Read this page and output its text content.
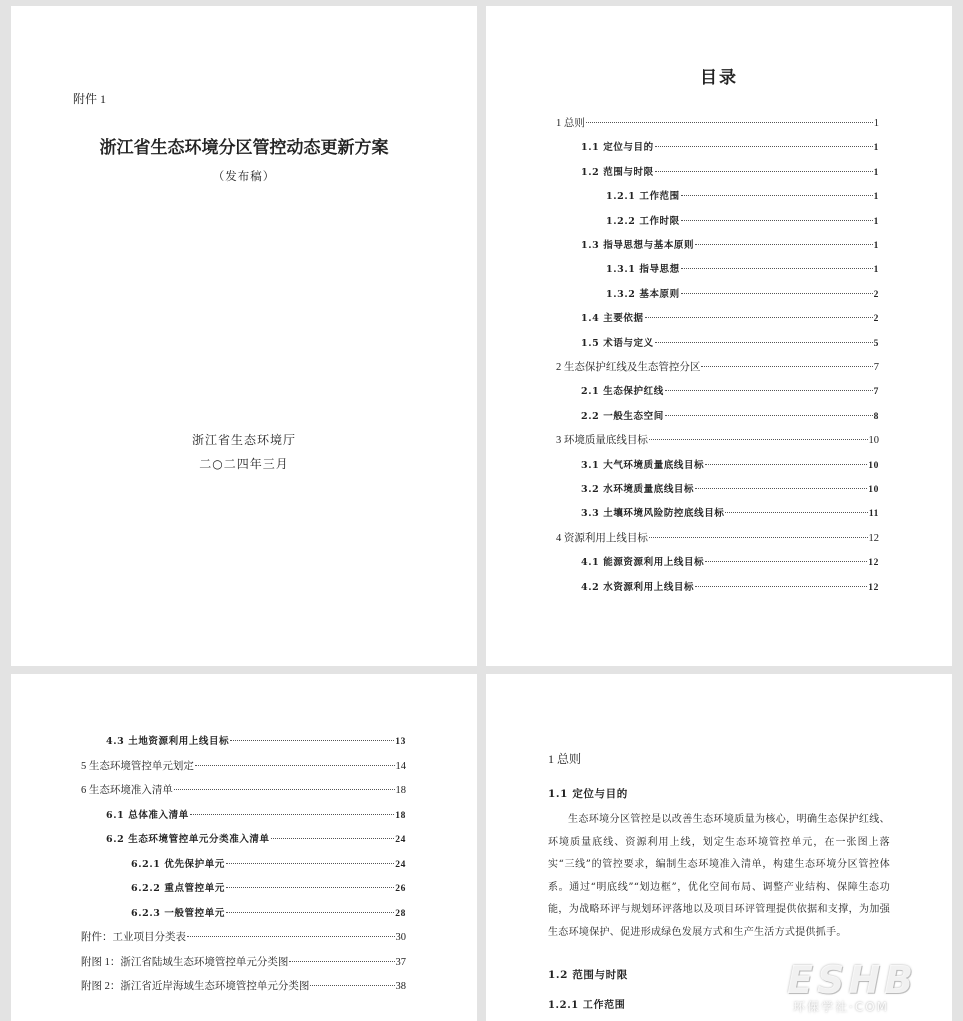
附件 1
浙江省生态环境分区管控动态更新方案
（发布稿）
浙江省生态环境厅
二○二四年三月
目录
1 总则	1
1.1 定位与目的	1
1.2 范围与时限	1
1.2.1 工作范围	1
1.2.2 工作时限	1
1.3 指导思想与基本原则	1
1.3.1 指导思想	1
1.3.2 基本原则	2
1.4 主要依据	2
1.5 术语与定义	5
2 生态保护红线及生态管控分区	7
2.1 生态保护红线	7
2.2 一般生态空间	8
3 环境质量底线目标	10
3.1 大气环境质量底线目标	10
3.2 水环境质量底线目标	10
3.3 土壤环境风险防控底线目标	11
4 资源利用上线目标	12
4.1 能源资源利用上线目标	12
4.2 水资源利用上线目标	12
4.3 土地资源利用上线目标	13
5 生态环境管控单元划定	14
6 生态环境准入清单	18
6.1 总体准入清单	18
6.2 生态环境管控单元分类准入清单	24
6.2.1 优先保护单元	24
6.2.2 重点管控单元	26
6.2.3 一般管控单元	28
附件：工业项目分类表	30
附图 1：浙江省陆域生态环境管控单元分类图	37
附图 2：浙江省近岸海域生态环境管控单元分类图	38
1 总则
1.1 定位与目的

生态环境分区管控是以改善生态环境质量为核心，明确生态保护红线、环境质量底线、资源利用上线，划定生态环境管控单元，在一张图上落实“三线”的管控要求，编制生态环境准入清单，构建生态环境分区管控体系。通过“明底线”“划边框”，优化空间布局、调整产业结构、保障生态功能，为战略环评与规划环评落地以及项目环评管理提供依据和支撑，为加强生态环境保护、促进形成绿色发展方式和生产生活方式提供抓手。

1.2 范围与时限
1.2.1 工作范围
ESHB
环保学社·COM
